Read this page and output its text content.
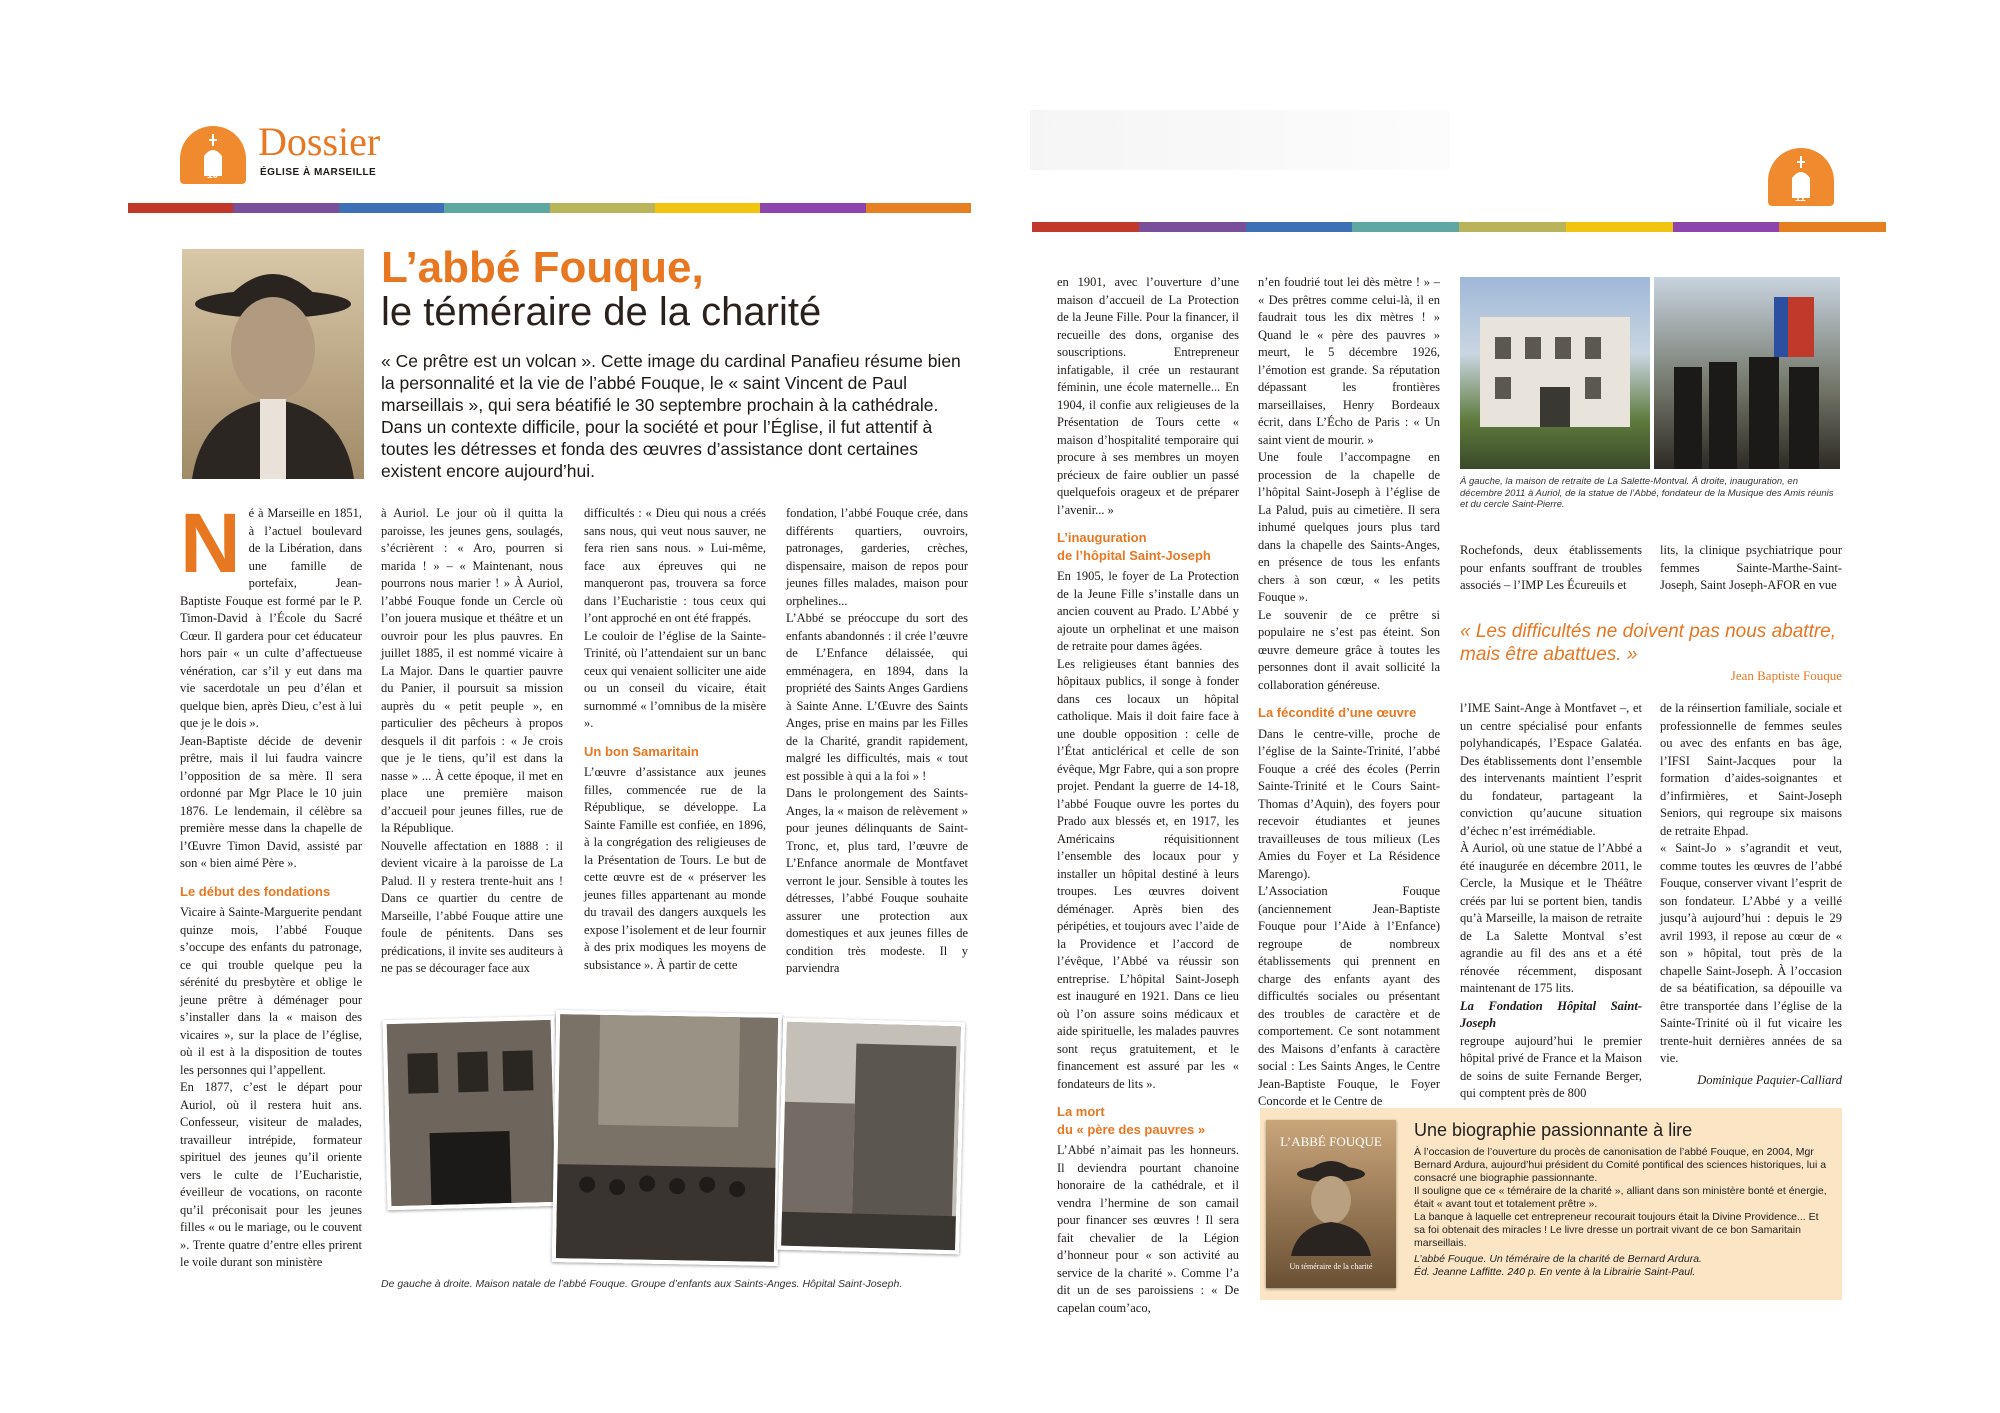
10
Dossier
ÉGLISE À MARSEILLE
L’abbé Fouque,
le téméraire de la charité
« Ce prêtre est un volcan ». Cette image du cardinal Panafieu résume bien la personnalité et la vie de l’abbé Fouque, le « saint Vincent de Paul marseillais », qui sera béatifié le 30 septembre prochain à la cathédrale. Dans un contexte difficile, pour la société et pour l’Église, il fut attentif à toutes les détresses et fonda des œuvres d’assistance dont certaines existent encore aujourd’hui.
N é à Marseille en 1851, à l’actuel boulevard de la Libération, dans une famille de portefaix, Jean-Baptiste Fouque est formé par le P. Timon-David à l’École du Sacré Cœur. Il gardera pour cet éducateur hors pair « un culte d’affectueuse vénération, car s’il y eut dans ma vie sacerdotale un peu d’élan et quelque bien, après Dieu, c’est à lui que je le dois ».

Jean-Baptiste décide de devenir prêtre, mais il lui faudra vaincre l’opposition de sa mère. Il sera ordonné par Mgr Place le 10 juin 1876. Le lendemain, il célèbre sa première messe dans la chapelle de l’Œuvre Timon David, assisté par son « bien aimé Père ».

Le début des fondations

Vicaire à Sainte-Marguerite pendant quinze mois, l’abbé Fouque s’occupe des enfants du patronage, ce qui trouble quelque peu la sérénité du presbytère et oblige le jeune prêtre à déménager pour s’installer dans la « maison des vicaires », sur la place de l’église, où il est à la disposition de toutes les personnes qui l’appellent.

En 1877, c’est le départ pour Auriol, où il restera huit ans. Confesseur, visiteur de malades, travailleur intrépide, formateur spirituel des jeunes qu’il oriente vers le culte de l’Eucharistie, éveilleur de vocations, on raconte qu’il préconisait pour les jeunes filles « ou le mariage, ou le couvent ». Trente quatre d’entre elles prirent le voile durant son ministère

à Auriol. Le jour où il quitta la paroisse, les jeunes gens, soulagés, s’écrièrent : « Aro, pourren si marida ! » – « Maintenant, nous pourrons nous marier ! » À Auriol, l’abbé Fouque fonde un Cercle où l’on jouera musique et théâtre et un ouvroir pour les plus pauvres. En juillet 1885, il est nommé vicaire à La Major. Dans le quartier pauvre du Panier, il poursuit sa mission auprès du « petit peuple », en particulier des pêcheurs à propos desquels il dit parfois : « Je crois que je le tiens, qu’il est dans la nasse » ... À cette époque, il met en place une première maison d’accueil pour jeunes filles, rue de la République.

Nouvelle affectation en 1888 : il devient vicaire à la paroisse de La Palud. Il y restera trente-huit ans ! Dans ce quartier du centre de Marseille, l’abbé Fouque attire une foule de pénitents. Dans ses prédications, il invite ses auditeurs à ne pas se décourager face aux

difficultés : « Dieu qui nous a créés sans nous, qui veut nous sauver, ne fera rien sans nous. » Lui-même, face aux épreuves qui ne manqueront pas, trouvera sa force dans l’Eucharistie : tous ceux qui l’ont approché en ont été frappés.

Le couloir de l’église de la Sainte-Trinité, où l’attendaient sur un banc ceux qui venaient solliciter une aide ou un conseil du vicaire, était surnommé « l’omnibus de la misère ».

Un bon Samaritain

L’œuvre d’assistance aux jeunes filles, commencée rue de la République, se développe. La Sainte Famille est confiée, en 1896, à la congrégation des religieuses de la Présentation de Tours. Le but de cette œuvre est de « préserver les jeunes filles appartenant au monde du travail des dangers auxquels les expose l’isolement et de leur fournir à des prix modiques les moyens de subsistance ». À partir de cette

fondation, l’abbé Fouque crée, dans différents quartiers, ouvroirs, patronages, garderies, crèches, dispensaire, maison de repos pour jeunes filles malades, maison pour orphelines...

L’Abbé se préoccupe du sort des enfants abandonnés : il crée l’œuvre de L’Enfance délaissée, qui emménagera, en 1894, dans la propriété des Saints Anges Gardiens à Sainte Anne. L’Œuvre des Saints Anges, prise en mains par les Filles de la Charité, grandit rapidement, malgré les difficultés, mais « tout est possible à qui a la foi » !

Dans le prolongement des Saints-Anges, la « maison de relèvement » pour jeunes délinquants de Saint-Tronc, et, plus tard, l’œuvre de L’Enfance anormale de Montfavet verront le jour. Sensible à toutes les détresses, l’abbé Fouque souhaite assurer une protection aux domestiques et aux jeunes filles de condition très modeste. Il y parviendra

De gauche à droite. Maison natale de l’abbé Fouque. Groupe d’enfants aux Saints-Anges. Hôpital Saint-Joseph.
11

en 1901, avec l’ouverture d’une maison d’accueil de La Protection de la Jeune Fille. Pour la financer, il recueille des dons, organise des souscriptions. Entrepreneur infatigable, il crée un restaurant féminin, une école maternelle... En 1904, il confie aux religieuses de la Présentation de Tours cette « maison d’hospitalité temporaire qui procure à ses membres un moyen précieux de faire oublier un passé quelquefois orageux et de préparer l’avenir... »

L’inauguration
de l’hôpital Saint-Joseph

En 1905, le foyer de La Protection de la Jeune Fille s’installe dans un ancien couvent au Prado. L’Abbé y ajoute un orphelinat et une maison de retraite pour dames âgées.

Les religieuses étant bannies des hôpitaux publics, il songe à fonder dans ces locaux un hôpital catholique. Mais il doit faire face à une double opposition : celle de l’État anticlérical et celle de son évêque, Mgr Fabre, qui a son propre projet. Pendant la guerre de 14-18, l’abbé Fouque ouvre les portes du Prado aux blessés et, en 1917, les Américains réquisitionnent l’ensemble des locaux pour y installer un hôpital destiné à leurs troupes. Les œuvres doivent déménager. Après bien des péripéties, et toujours avec l’aide de la Providence et l’accord de l’évêque, l’Abbé va réussir son entreprise. L’hôpital Saint-Joseph est inauguré en 1921. Dans ce lieu où l’on assure soins médicaux et aide spirituelle, les malades pauvres sont reçus gratuitement, et le financement est assuré par les « fondateurs de lits ».

La mort
du « père des pauvres »

L’Abbé n’aimait pas les honneurs. Il deviendra pourtant chanoine honoraire de la cathédrale, et il vendra l’hermine de son camail pour financer ses œuvres ! Il sera fait chevalier de la Légion d’honneur pour « son activité au service de la charité ». Comme l’a dit un de ses paroissiens : « De capelan coum’aco,

n’en foudrié tout lei dès mètre ! » – « Des prêtres comme celui-là, il en faudrait tous les dix mètres ! » Quand le « père des pauvres » meurt, le 5 décembre 1926, l’émotion est grande. Sa réputation dépassant les frontières marseillaises, Henry Bordeaux écrit, dans L’Écho de Paris : « Un saint vient de mourir. »

Une foule l’accompagne en procession de la chapelle de l’hôpital Saint-Joseph à l’église de La Palud, puis au cimetière. Il sera inhumé quelques jours plus tard dans la chapelle des Saints-Anges, en présence de tous les enfants chers à son cœur, « les petits Fouque ».

Le souvenir de ce prêtre si populaire ne s’est pas éteint. Son œuvre demeure grâce à toutes les personnes dont il avait sollicité la collaboration généreuse.

La fécondité d’une œuvre

Dans le centre-ville, proche de l’église de la Sainte-Trinité, l’abbé Fouque a créé des écoles (Perrin Sainte-Trinité et le Cours Saint-Thomas d’Aquin), des foyers pour recevoir étudiantes et jeunes travailleuses de tous milieux (Les Amies du Foyer et La Résidence Marengo).

L’Association Fouque (anciennement Jean-Baptiste Fouque pour l’Aide à l’Enfance) regroupe de nombreux établissements qui prennent en charge des enfants ayant des difficultés sociales ou présentant des troubles de caractère et de comportement. Ce sont notamment des Maisons d’enfants à caractère social : Les Saints Anges, le Centre Jean-Baptiste Fouque, le Foyer Concorde et le Centre de

À gauche, la maison de retraite de La Salette-Montval. À droite, inauguration, en décembre 2011 à Auriol, de la statue de l’Abbé, fondateur de la Musique des Amis réunis et du cercle Saint-Pierre.

Rochefonds, deux établissements pour enfants souffrant de troubles associés – l’IMP Les Écureuils et

lits, la clinique psychiatrique pour femmes Sainte-Marthe-Saint-Joseph, Saint Joseph-AFOR en vue

« Les difficultés ne doivent pas nous abattre, mais être abattues. »
Jean Baptiste Fouque

l’IME Saint-Ange à Montfavet –, et un centre spécialisé pour enfants polyhandicapés, l’Espace Galatéa. Des établissements dont l’ensemble des intervenants maintient l’esprit du fondateur, partageant la conviction qu’aucune situation d’échec n’est irrémédiable.

À Auriol, où une statue de l’Abbé a été inaugurée en décembre 2011, le Cercle, la Musique et le Théâtre créés par lui se portent bien, tandis qu’à Marseille, la maison de retraite de La Salette Montval s’est agrandie au fil des ans et a été rénovée récemment, disposant maintenant de 175 lits.

La Fondation Hôpital Saint-Joseph

regroupe aujourd’hui le premier hôpital privé de France et la Maison de soins de suite Fernande Berger, qui comptent près de 800

de la réinsertion familiale, sociale et professionnelle de femmes seules ou avec des enfants en bas âge, l’IFSI Saint-Jacques pour la formation d’aides-soignantes et d’infirmières, et Saint-Joseph Seniors, qui regroupe six maisons de retraite Ehpad.

« Saint-Jo » s’agrandit et veut, comme toutes les œuvres de l’abbé Fouque, conserver vivant l’esprit de son fondateur. L’Abbé y a veillé jusqu’à aujourd’hui : depuis le 29 avril 1993, il repose au cœur de « son » hôpital, tout près de la chapelle Saint-Joseph. À l’occasion de sa béatification, sa dépouille va être transportée dans l’église de la Sainte-Trinité où il fut vicaire les trente-huit dernières années de sa vie.

Dominique Paquier-Calliard

L’ABBÉ FOUQUE
Un téméraire de la charité
Une biographie passionnante à lire
À l’occasion de l’ouverture du procès de canonisation de l’abbé Fouque, en 2004, Mgr Bernard Ardura, aujourd’hui président du Comité pontifical des sciences historiques, lui a consacré une biographie passionnante.
Il souligne que ce « téméraire de la charité », alliant dans son ministère bonté et énergie, était « avant tout et totalement prêtre ».
La banque à laquelle cet entrepreneur recourait toujours était la Divine Providence... Et sa foi obtenait des miracles ! Le livre dresse un portrait vivant de ce bon Samaritain marseillais.
L’abbé Fouque. Un téméraire de la charité de Bernard Ardura.
Éd. Jeanne Laffitte. 240 p. En vente à la Librairie Saint-Paul.
